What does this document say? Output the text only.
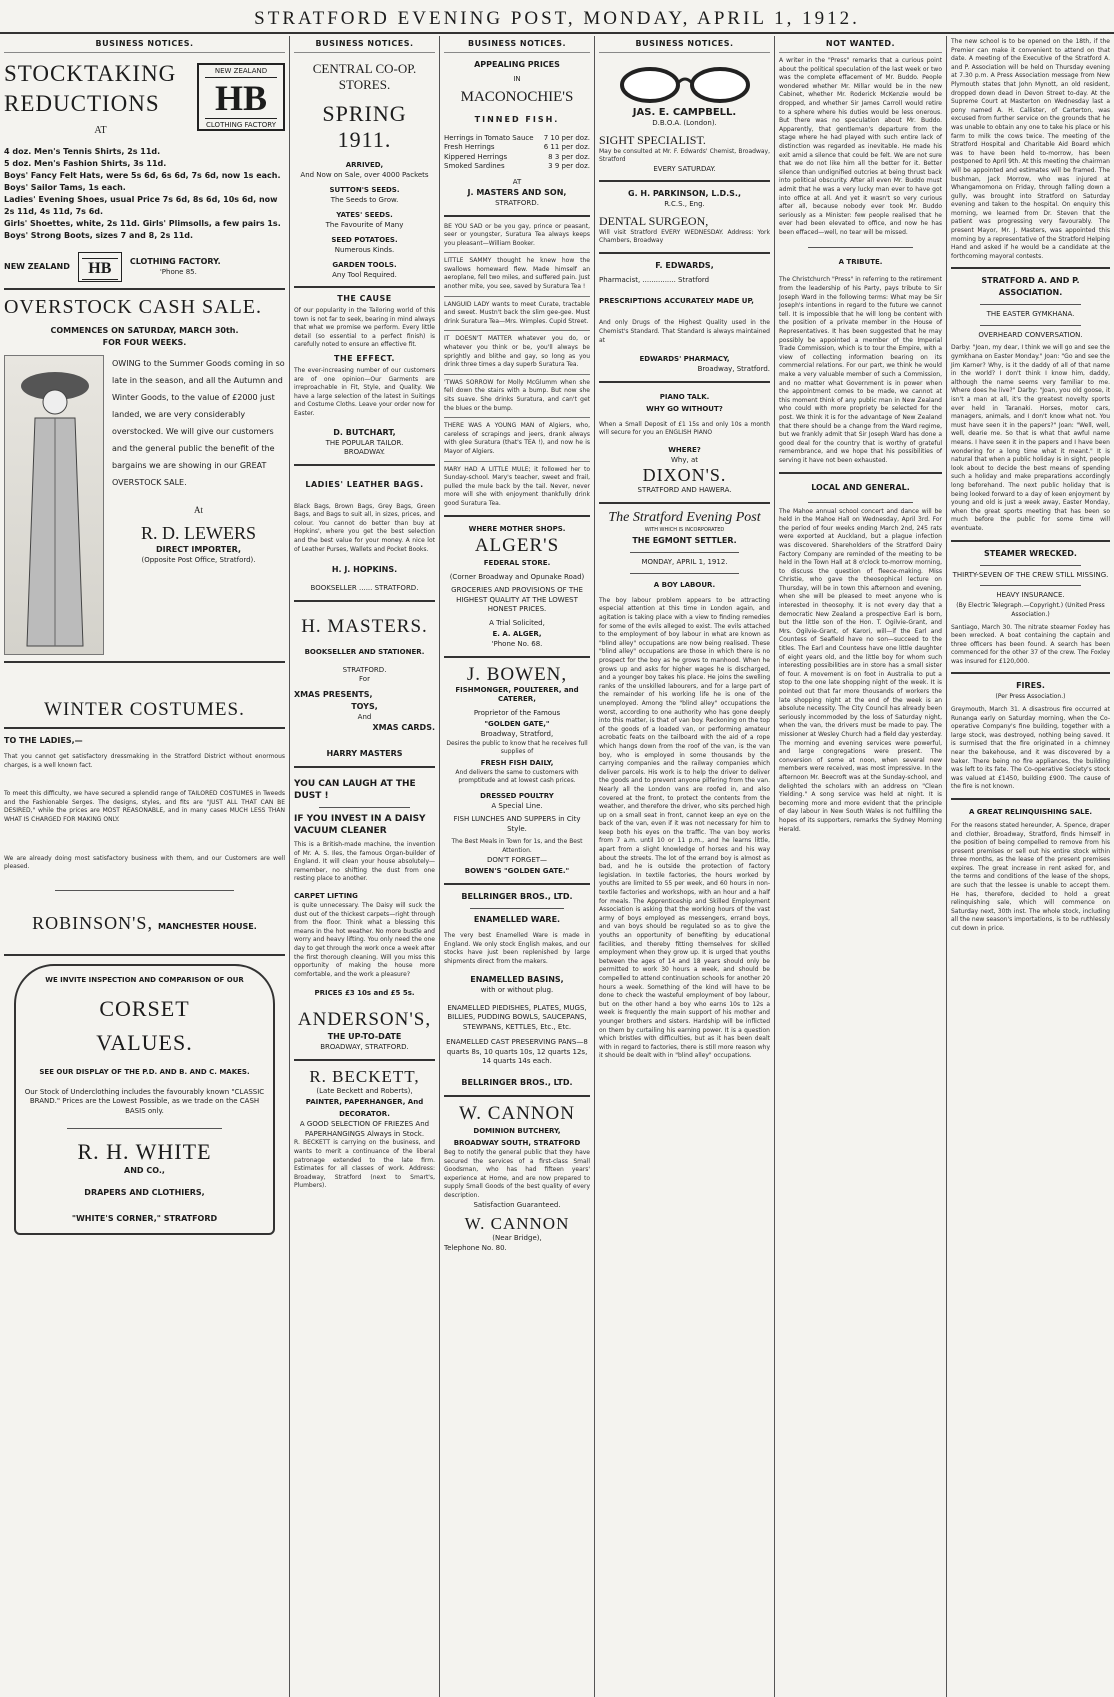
STRATFORD EVENING POST, MONDAY, APRIL 1, 1912.
BUSINESS NOTICES.
STOCKTAKING REDUCTIONS
AT
NEW ZEALAND
HB
CLOTHING FACTORY
4 doz. Men's Tennis Shirts, 2s 11d.
5 doz. Men's Fashion Shirts, 3s 11d.
Boys' Fancy Felt Hats, were 5s 6d, 6s 6d, 7s 6d, now 1s each.
Boys' Sailor Tams, 1s each.
Ladies' Evening Shoes, usual Price 7s 6d, 8s 6d, 10s 6d, now 2s 11d, 4s 11d, 7s 6d.
Girls' Shoettes, white, 2s 11d. Girls' Plimsolls, a few pairs 1s.
Boys' Strong Boots, sizes 7 and 8, 2s 11d.
NEW ZEALAND	HB	CLOTHING FACTORY.
'Phone 85.
OVERSTOCK CASH SALE.
COMMENCES ON SATURDAY, MARCH 30th.
FOR FOUR WEEKS.
OWING to the Summer Goods coming in so late in the season, and all the Autumn and Winter Goods, to the value of £2000 just landed, we are very considerably overstocked. We will give our customers and the general public the benefit of the bargains we are showing in our GREAT OVERSTOCK SALE.
At
R. D. LEWERS
DIRECT IMPORTER,
(Opposite Post Office, Stratford).
WINTER COSTUMES.
TO THE LADIES,—
That you cannot get satisfactory dressmaking in the Stratford District without enormous charges, is a well known fact.
To meet this difficulty, we have secured a splendid range of TAILORED COSTUMES in Tweeds and the Fashionable Serges. The designs, styles, and fits are "JUST ALL THAT CAN BE DESIRED," while the prices are MOST REASONABLE, and in many cases MUCH LESS THAN WHAT IS CHARGED FOR MAKING ONLY.
We are already doing most satisfactory business with them, and our Customers are well pleased.
ROBINSON'S, MANCHESTER HOUSE.
WE INVITE INSPECTION AND COMPARISON OF OUR
CORSET
VALUES.
SEE OUR DISPLAY OF THE P.D. AND B. AND C. MAKES.
Our Stock of Underclothing includes the favourably known "CLASSIC BRAND." Prices are the Lowest Possible, as we trade on the CASH BASIS only.
R. H. WHITE
AND CO.,
DRAPERS AND CLOTHIERS,
"WHITE'S CORNER," STRATFORD
BUSINESS NOTICES.
CENTRAL CO-OP. STORES.
SPRING 1911.
ARRIVED,
And Now on Sale, over 4000 Packets
SUTTON'S SEEDS.
The Seeds to Grow.
YATES' SEEDS.
The Favourite of Many
SEED POTATOES.
Numerous Kinds.
GARDEN TOOLS.
Any Tool Required.
THE CAUSE
Of our popularity in the Tailoring world of this town is not far to seek, bearing in mind always that what we promise we perform. Every little detail (so essential to a perfect finish) is carefully noted to ensure an effective fit.
THE EFFECT.
The ever-increasing number of our customers are of one opinion—Our Garments are irreproachable in Fit, Style, and Quality. We have a large selection of the latest in Suitings and Costume Cloths. Leave your order now for Easter.
D. BUTCHART,
THE POPULAR TAILOR.
BROADWAY.
LADIES' LEATHER BAGS.
Black Bags, Brown Bags, Grey Bags, Green Bags, and Bags to suit all, in sizes, prices, and colour. You cannot do better than buy at Hopkins', where you get the best selection and the best value for your money. A nice lot of Leather Purses, Wallets and Pocket Books.
H. J. HOPKINS.
BOOKSELLER ...... STRATFORD.
H. MASTERS.
BOOKSELLER AND STATIONER.
STRATFORD.
For
XMAS PRESENTS,
TOYS,
And
XMAS CARDS.
HARRY MASTERS
YOU CAN LAUGH AT THE DUST !
IF YOU INVEST IN A DAISY VACUUM CLEANER
This is a British-made machine, the invention of Mr. A. S. Iles, the famous Organ-builder of England. It will clean your house absolutely—remember, no shifting the dust from one resting place to another.
CARPET LIFTING
is quite unnecessary. The Daisy will suck the dust out of the thickest carpets—right through from the floor. Think what a blessing this means in the hot weather. No more bustle and worry and heavy lifting. You only need the one day to get through the work once a week after the first thorough cleaning. Will you miss this opportunity of making the house more comfortable, and the work a pleasure?
PRICES £3 10s and £5 5s.
ANDERSON'S,
THE UP-TO-DATE
BROADWAY, STRATFORD.
R. BECKETT,
(Late Beckett and Roberts),
PAINTER, PAPERHANGER, And DECORATOR.
A GOOD SELECTION OF FRIEZES And PAPERHANGINGS Always in Stock.
R. BECKETT is carrying on the business, and wants to merit a continuance of the liberal patronage extended to the late firm. Estimates for all classes of work. Address: Broadway, Stratford (next to Smart's, Plumbers).
BUSINESS NOTICES.
APPEALING PRICES
IN
MACONOCHIE'S
TINNED FISH.
Herrings in Tomato Sauce 7 10 per doz.
Fresh Herrings	6 11 per doz.
Kippered Herrings	8 3 per doz.
Smoked Sardines	3 9 per doz.
AT
J. MASTERS AND SON,
STRATFORD.
BE YOU SAD or be you gay, prince or peasant, seer or youngster, Suratura Tea always keeps you pleasant—William Booker.
LITTLE SAMMY thought he knew how the swallows homeward flew. Made himself an aeroplane, fell two miles, and suffered pain. Just another mite, you see, saved by Suratura Tea !
LANGUID LADY wants to meet Curate, tractable and sweet. Mustn't back the slim gee-gee. Must drink Suratura Tea—Mrs. Wimples. Cupid Street.
IT DOESN'T MATTER whatever you do, or whatever you think or be, you'll always be sprightly and blithe and gay, so long as you drink three times a day superb Suratura Tea.
'TWAS SORROW for Molly McGlumm when she fell down the stairs with a bump. But now she sits suave. She drinks Suratura, and can't get the blues or the bump.
THERE WAS A YOUNG MAN of Algiers, who, careless of scrapings and jeers, drank always with glee Suratura (that's TEA !), and now he is Mayor of Algiers.
MARY HAD A LITTLE MULE; it followed her to Sunday-school. Mary's teacher, sweet and frail, pulled the mule back by the tail. Never, never more will she with enjoyment thankfully drink good Suratura Tea.
WHERE MOTHER SHOPS.
ALGER'S
FEDERAL STORE.
(Corner Broadway and Opunake Road)
GROCERIES AND PROVISIONS OF THE HIGHEST QUALITY AT THE LOWEST HONEST PRICES.
A Trial Solicited,
E. A. ALGER,
'Phone No. 68.
J. BOWEN,
FISHMONGER, POULTERER, and CATERER,
Proprietor of the Famous
"GOLDEN GATE,"
Broadway, Stratford,
Desires the public to know that he receives full supplies of
FRESH FISH DAILY,
And delivers the same to customers with promptitude and at lowest cash prices.
DRESSED POULTRY
A Special Line.
FISH LUNCHES AND SUPPERS in City Style.
The Best Meals in Town for 1s, and the Best Attention.
DON'T FORGET—
BOWEN'S "GOLDEN GATE."
BELLRINGER BROS., LTD.
ENAMELLED WARE.
The very best Enamelled Ware is made in England. We only stock English makes, and our stocks have just been replenished by large shipments direct from the makers.
ENAMELLED BASINS,
with or without plug.
ENAMELLED PIEDISHES, PLATES, MUGS, BILLIES, PUDDING BOWLS, SAUCEPANS, STEWPANS, KETTLES, Etc., Etc.
ENAMELLED CAST PRESERVING PANS—8 quarts 8s, 10 quarts 10s, 12 quarts 12s, 14 quarts 14s each.
BELLRINGER BROS., LTD.
W. CANNON
DOMINION BUTCHERY,
BROADWAY SOUTH, STRATFORD
Beg to notify the general public that they have secured the services of a first-class Small Goodsman, who has had fifteen years' experience at Home, and are now prepared to supply Small Goods of the best quality of every description.
Satisfaction Guaranteed.
W. CANNON
(Near Bridge),
Telephone No. 80.
BUSINESS NOTICES.
JAS. E. CAMPBELL.
D.B.O.A. (London).
SIGHT SPECIALIST.
May be consulted at Mr. F. Edwards' Chemist, Broadway, Stratford
EVERY SATURDAY.
G. H. PARKINSON, L.D.S.,
R.C.S., Eng.
DENTAL SURGEON,
Will visit Stratford EVERY WEDNESDAY. Address: York Chambers, Broadway
F. EDWARDS,
Pharmacist, ............... Stratford
PRESCRIPTIONS ACCURATELY MADE UP,
And only Drugs of the Highest Quality used in the Chemist's Standard. That Standard is always maintained at
EDWARDS' PHARMACY,
Broadway, Stratford.
PIANO TALK.
WHY GO WITHOUT?
When a Small Deposit of £1 15s and only 10s a month will secure for you an ENGLISH PIANO
WHERE?
Why, at
DIXON'S.
STRATFORD AND HAWERA.
The Stratford Evening Post
WITH WHICH IS INCORPORATED
THE EGMONT SETTLER.
MONDAY, APRIL 1, 1912.
A BOY LABOUR.
The boy labour problem appears to be attracting especial attention at this time in London again, and agitation is taking place with a view to finding remedies for some of the evils alleged to exist. The evils attached to the employment of boy labour in what are known as "blind alley" occupations are now being realised. These "blind alley" occupations are those in which there is no prospect for the boy as he grows to manhood. When he grows up and asks for higher wages he is discharged, and a younger boy takes his place. He joins the swelling ranks of the unskilled labourers, and for a large part of the remainder of his working life he is one of the unemployed. Among the "blind alley" occupations the worst, according to one authority who has gone deeply into this matter, is that of van boy. Reckoning on the top of the goods of a loaded van, or performing amateur acrobatic feats on the tailboard with the aid of a rope which hangs down from the roof of the van, is the van boy, who is employed in some thousands by the carrying companies and the railway companies which deliver parcels. His work is to help the driver to deliver the goods and to prevent anyone pilfering from the van. Nearly all the London vans are roofed in, and also covered at the front, to protect the contents from the weather, and therefore the driver, who sits perched high up on a small seat in front, cannot keep an eye on the back of the van, even if it was not necessary for him to keep both his eyes on the traffic. The van boy works from 7 a.m. until 10 or 11 p.m., and he learns little, apart from a slight knowledge of horses and his way about the streets. The lot of the errand boy is almost as bad, and he is outside the protection of factory legislation. In textile factories, the hours worked by youths are limited to 55 per week, and 60 hours in non-textile factories and workshops, with an hour and a half for meals. The Apprenticeship and Skilled Employment Association is asking that the working hours of the vast army of boys employed as messengers, errand boys, and van boys should be regulated so as to give the youths an opportunity of benefiting by educational facilities, and thereby fitting themselves for skilled employment when they grow up. It is urged that youths between the ages of 14 and 18 years should only be permitted to work 30 hours a week, and should be compelled to attend continuation schools for another 20 hours a week. Something of the kind will have to be done to check the wasteful employment of boy labour, but on the other hand a boy who earns 10s to 12s a week is frequently the main support of his mother and younger brothers and sisters. Hardship will be inflicted on them by curtailing his earning power. It is a question which bristles with difficulties, but as it has been dealt with in regard to factories, there is still more reason why it should be dealt with in "blind alley" occupations.
NOT WANTED.
A writer in the "Press" remarks that a curious point about the political speculation of the last week or two was the complete effacement of Mr. Buddo. People wondered whether Mr. Millar would be in the new Cabinet, whether Mr. Roderick McKenzie would be dropped, and whether Sir James Carroll would retire to a sphere where his duties would be less onerous. But there was no speculation about Mr. Buddo. Apparently, that gentleman's departure from the stage where he had played with such entire lack of distinction was regarded as inevitable. He made his exit amid a silence that could be felt. We are not sure that we do not like him all the better for it. Better silence than undignified outcries at being thrust back into political obscurity. After all even Mr. Buddo must admit that he was a very lucky man ever to have got into office at all. And yet it wasn't so very curious after all, because nobody ever took Mr. Buddo seriously as a Minister: few people realised that he ever had been elevated to office, and now he has been effaced—well, no tear will be missed.
A TRIBUTE.
The Christchurch "Press" in referring to the retirement from the leadership of his Party, pays tribute to Sir Joseph Ward in the following terms: What may be Sir Joseph's intentions in regard to the future we cannot tell. It is impossible that he will long be content with the position of a private member in the House of Representatives. It has been suggested that he may possibly be appointed a member of the Imperial Trade Commission, which is to tour the Empire, with a view of collecting information bearing on its commercial relations. For our part, we think he would make a very valuable member of such a Commission, and no matter what Government is in power when the appointment comes to be made, we cannot at this moment think of any public man in New Zealand who could with more propriety be selected for the post. We think it is for the advantage of New Zealand that there should be a change from the Ward regime, but we frankly admit that Sir Joseph Ward has done a good deal for the country that is worthy of grateful remembrance, and we hope that his possibilities of serving it have not been exhausted.
LOCAL AND GENERAL.
The Mahoe annual school concert and dance will be held in the Mahoe Hall on Wednesday, April 3rd. For the period of four weeks ending March 2nd, 245 rats were exported at Auckland, but a plague infection was discovered. Shareholders of the Stratford Dairy Factory Company are reminded of the meeting to be held in the Town Hall at 8 o'clock to-morrow morning, to discuss the question of fleece-making. Miss Christie, who gave the theosophical lecture on Thursday, will be in town this afternoon and evening, when she will be pleased to meet anyone who is interested in theosophy. It is not every day that a democratic New Zealand a prospective Earl is born, but the little son of the Hon. T. Ogilvie-Grant, and Mrs. Ogilvie-Grant, of Karori, will—if the Earl and Countess of Seafield have no son—succeed to the titles. The Earl and Countess have one little daughter of eight years old, and the little boy for whom such interesting possibilities are in store has a small sister of four. A movement is on foot in Australia to put a stop to the one late shopping night of the week. It is pointed out that far more thousands of workers the late shopping night at the end of the week is an absolute necessity. The City Council has already been seriously incommoded by the loss of Saturday night, when the van, the drivers must be made to pay. The missioner at Wesley Church had a field day yesterday. The morning and evening services were powerful, and large congregations were present. The conversion of some at noon, when several new members were received, was most impressive. In the afternoon Mr. Beecroft was at the Sunday-school, and delighted the scholars with an address on "Clean Yielding." A song service was held at night. It is becoming more and more evident that the principle of day labour in New South Wales is not fulfilling the hopes of its supporters, remarks the Sydney Morning Herald.
The new school is to be opened on the 18th, if the Premier can make it convenient to attend on that date. A meeting of the Executive of the Stratford A. and P. Association will be held on Thursday evening at 7.30 p.m. A Press Association message from New Plymouth states that John Mynott, an old resident, dropped down dead in Devon Street to-day. At the Supreme Court at Masterton on Wednesday last a pony named A. H. Callister, of Carterton, was excused from further service on the grounds that he was unable to obtain any one to take his place or his farm to milk the cows twice. The meeting of the Stratford Hospital and Charitable Aid Board which was to have been held to-morrow, has been postponed to April 9th. At this meeting the chairman will be appointed and estimates will be framed. The bushman, Jack Morrow, who was injured at Whangamomona on Friday, through falling down a gully, was brought into Stratford on Saturday evening and taken to the hospital. On enquiry this morning, we learned from Dr. Steven that the patient was progressing very favourably. The present Mayor, Mr. J. Masters, was appointed this morning by a representative of the Stratford Helping Hand and asked if he would be a candidate at the forthcoming mayoral contests.
STRATFORD A. AND P. ASSOCIATION.
THE EASTER GYMKHANA.
OVERHEARD CONVERSATION.
Darby: "Joan, my dear, I think we will go and see the gymkhana on Easter Monday." Joan: "Go and see the Jim Karner? Why, is it the daddy of all of that name in the world? I don't think I know him, daddy, although the name seems very familiar to me. Where does he live?" Darby: "Joan, you old goose, it isn't a man at all, it's the greatest novelty sports ever held in Taranaki. Horses, motor cars, managers, animals, and I don't know what not. You must have seen it in the papers?" Joan: "Well, well, well, dearie me. So that is what that awful name means. I have seen it in the papers and I have been wondering for a long time what it meant." It is natural that when a public holiday is in sight, people look about to decide the best means of spending such a holiday and make preparations accordingly long beforehand. The next public holiday that is being looked forward to a day of keen enjoyment by young and old is just a week away, Easter Monday, when the great sports meeting that has been so much before the public for some time will eventuate.
STEAMER WRECKED.
THIRTY-SEVEN OF THE CREW STILL MISSING.
HEAVY INSURANCE.
(By Electric Telegraph.—Copyright.) (United Press Association.)
Santiago, March 30. The nitrate steamer Foxley has been wrecked. A boat containing the captain and three officers has been found. A search has been commenced for the other 37 of the crew. The Foxley was insured for £120,000.
FIRES.
(Per Press Association.)
Greymouth, March 31. A disastrous fire occurred at Runanga early on Saturday morning, when the Co-operative Company's fine building, together with a large stock, was destroyed, nothing being saved. It is surmised that the fire originated in a chimney near the bakehouse, and it was discovered by a baker. There being no fire appliances, the building was left to its fate. The Co-operative Society's stock was valued at £1450, building £900. The cause of the fire is not known.
A GREAT RELINQUISHING SALE.
For the reasons stated hereunder, A. Spence, draper and clothier, Broadway, Stratford, finds himself in the position of being compelled to remove from his present premises or sell out his entire stock within three months, as the lease of the present premises expires. The great increase in rent asked for, and the terms and conditions of the lease of the shops, are such that the lessee is unable to accept them. He has, therefore, decided to hold a great relinquishing sale, which will commence on Saturday next, 30th inst. The whole stock, including all the new season's importations, is to be ruthlessly cut down in price.
